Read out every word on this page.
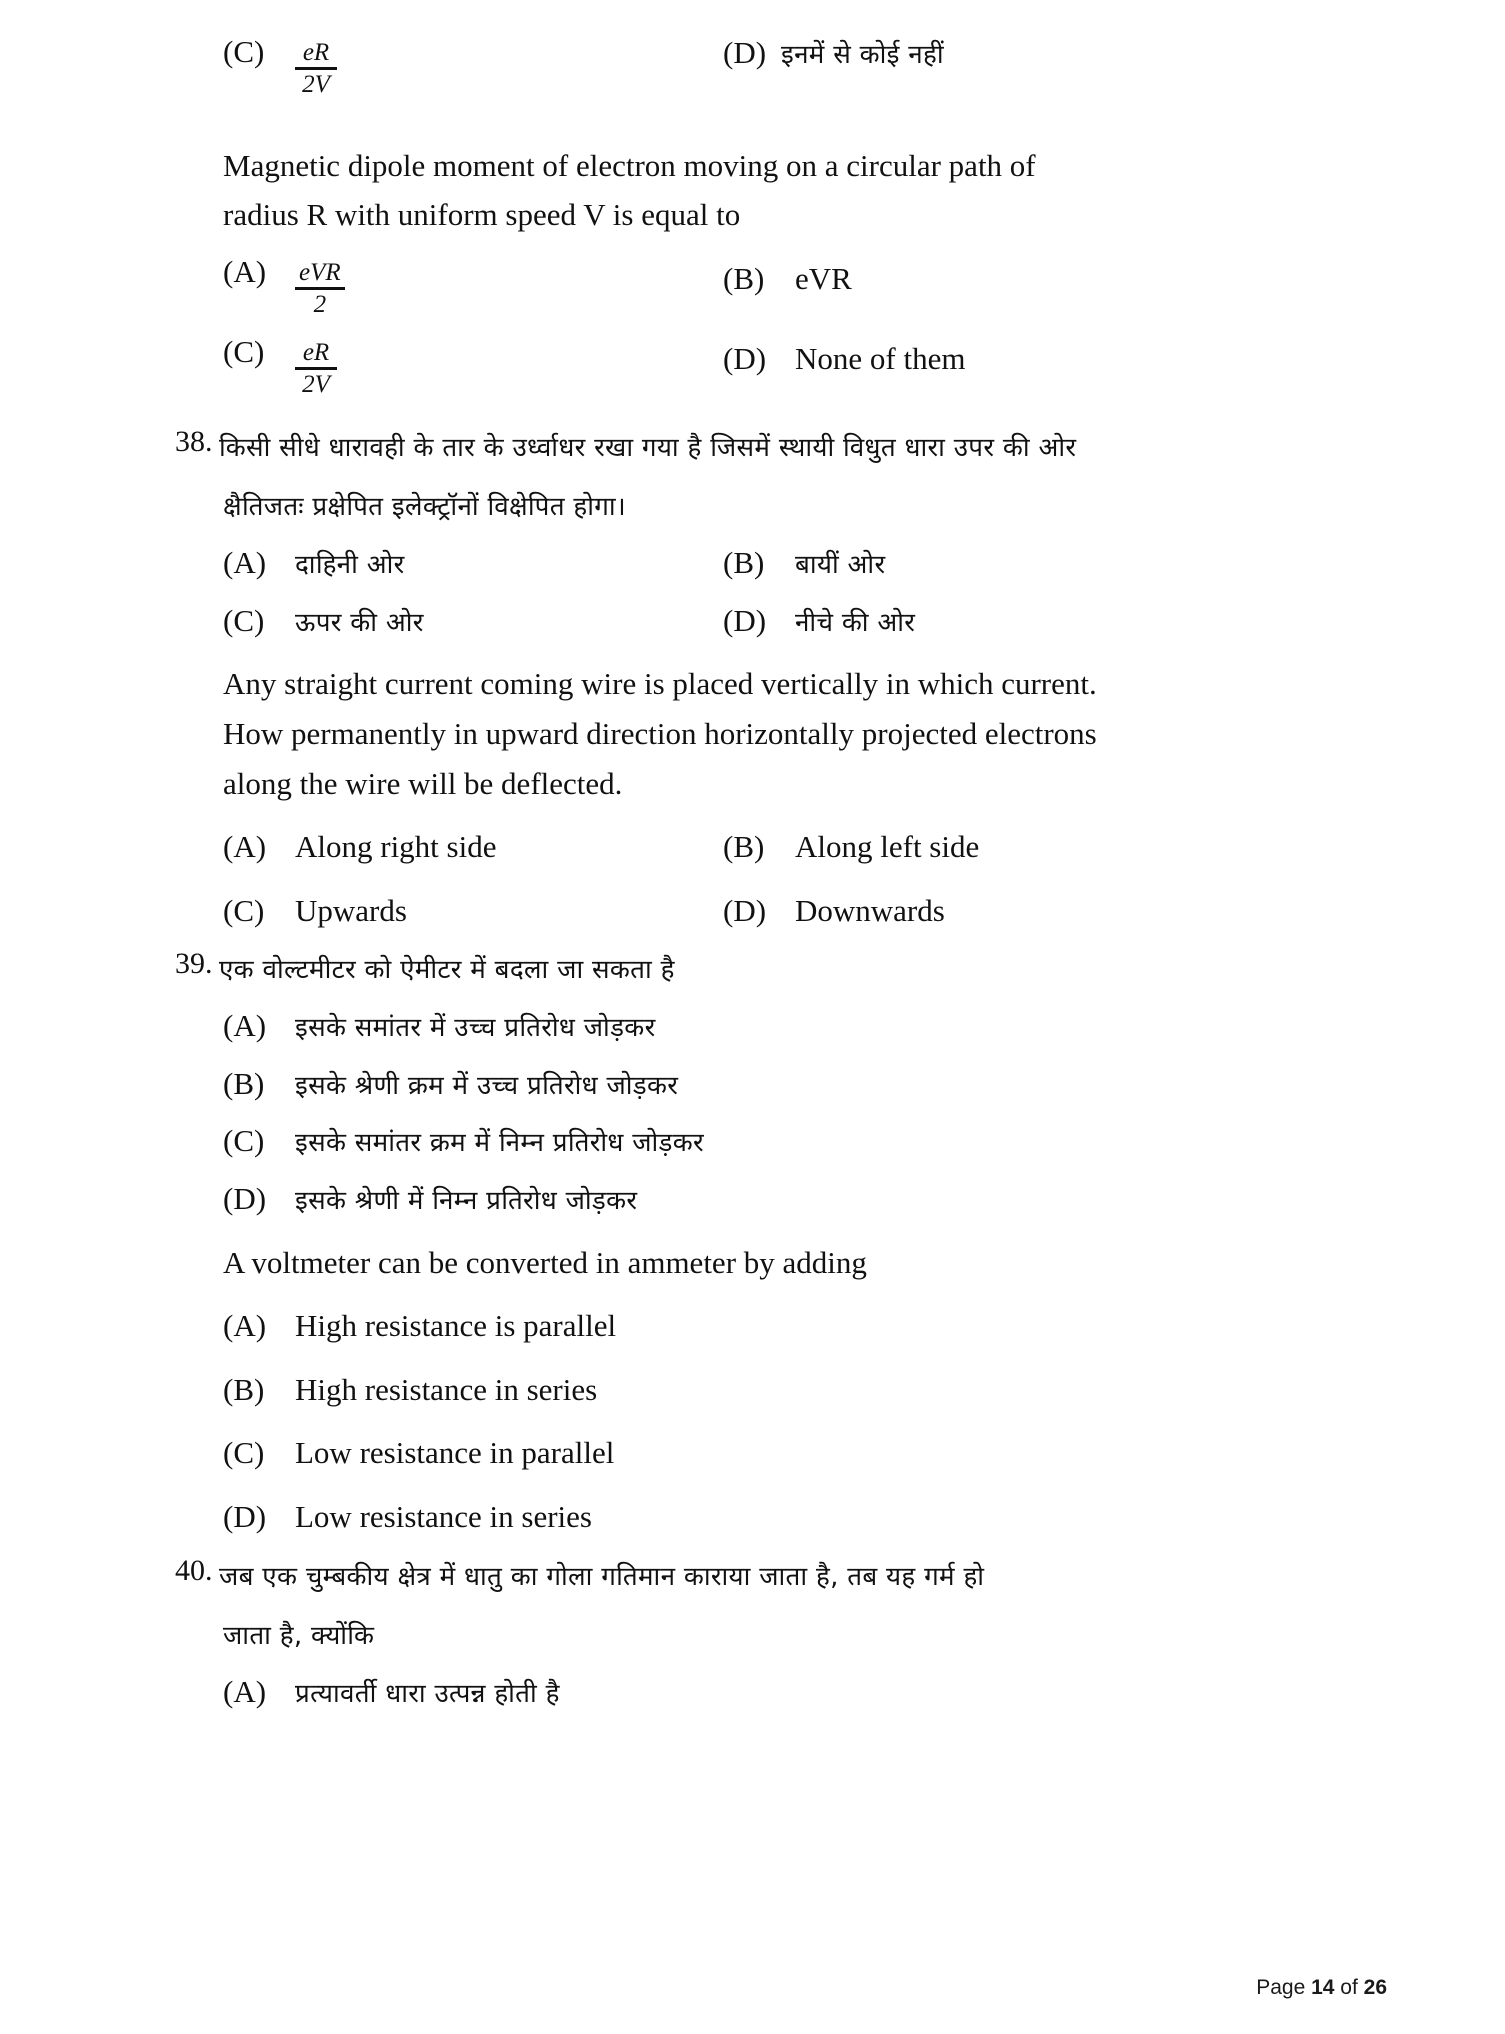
(C)	$\frac{eR}{2V}$	(D) इनमें से कोई नहीं
Magnetic dipole moment of electron moving on a circular path of
radius R with uniform speed V is equal to
(A)	$\frac{\text{eVR}}{2}$	(B) eVR
(C)	$\frac{eR}{2V}$	(D) None of them
38. किसी सीधे धारावही के तार के उर्ध्वाधर रखा गया है जिसमें स्थायी विधुत धारा उपर की ओर
क्षैतिजतः प्रक्षेपित इलेक्ट्रॉनों विक्षेपित होगा।
(A)	दाहिनी ओर	(B)	बायीं ओर
(C)	ऊपर की ओर	(D)	नीचे की ओर
Any straight current coming wire is placed vertically in which current.
How permanently in upward direction horizontally projected electrons
along the wire will be deflected.
(A) Along right side	(B) Along left side
(C) Upwards	(D) Downwards
39. एक वोल्टमीटर को ऐमीटर में बदला जा सकता है
(A)	इसके समांतर में उच्च प्रतिरोध जोड़कर
(B)	इसके श्रेणी क्रम में उच्च प्रतिरोध जोड़कर
(C)	इसके समांतर क्रम में निम्न प्रतिरोध जोड़कर
(D)	इसके श्रेणी में निम्न प्रतिरोध जोड़कर
A voltmeter can be converted in ammeter by adding
(A) High resistance is parallel
(B) High resistance in series
(C) Low resistance in parallel
(D) Low resistance in series
40. जब एक चुम्बकीय क्षेत्र में धातु का गोला गतिमान काराया जाता है, तब यह गर्म हो
जाता है, क्योंकि
(A)	प्रत्यावर्ती धारा उत्पन्न होती है
Page 14 of 26
